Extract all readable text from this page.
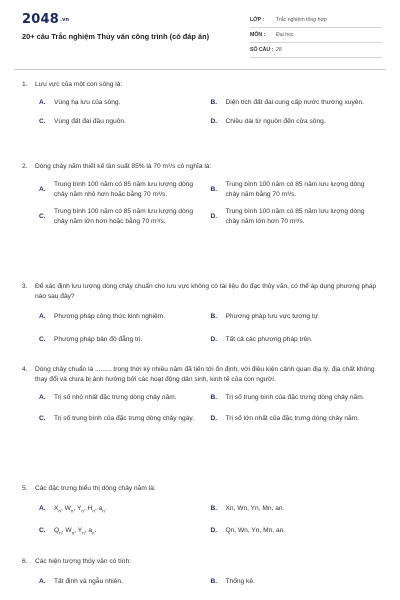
2048.vn
20+ câu Trắc nghiệm Thủy văn công trình (có đáp án)
LỚP :	Trắc nghiệm tổng hợp
MÔN :	Đại học
SỐ CÂU : 28
1.	Lưu vực của một con sông là:
A.	Vùng hạ lưu của sông.	B.	Diện tích đất đai cung cấp nước thường xuyên.
C.	Vùng đất đai đầu nguồn.	D.	Chiều dài từ nguồn đến cửa sông.
2.	Dòng chảy năm thiết kế tần suất 85% là 70 m³/s có nghĩa là:
A.
Trung bình 100 năm có 85 năm lưu lượng dòng chảy năm nhỏ hơn hoặc bằng 70 m³/s.
B.
Trung bình 100 năm có 85 năm lưu lượng dòng chảy năm bằng 70 m³/s.
C.
Trung bình 100 năm có 85 năm lưu lượng dòng chảy năm lớn hơn hoặc bằng 70 m³/s.
D.
Trung bình 100 năm có 85 năm lưu lượng dòng chảy năm lớn hơn 70 m³/s.
3.	Để xác định lưu lượng dòng chảy chuẩn cho lưu vực không có tài liệu đo đạc thủy văn, có thể áp dụng phương pháp nào sau đây?
A.	Phương pháp công thức kinh nghiệm.	B.	Phương pháp lưu vực tương tự.
C.	Phương pháp bản đồ đẳng trị.	D.	Tất cả các phương pháp trên.
4.	Dòng chảy chuẩn là ......... trong thời kỳ nhiều năm đã tiến tới ổn định, với điều kiện cảnh quan địa lý, địa chất không thay đổi và chưa bị ảnh hưởng bởi các hoạt động dân sinh, kinh tế của con người.
A.	Trị số nhỏ nhất đặc trưng dòng chảy năm.	B.	Trị số trung bình của đặc trưng dòng chảy năm.
C.	Trị số trung bình của đặc trưng dòng chảy ngày.	D.	Trị số lớn nhất của đặc trưng dòng chảy năm.
5.	Các đặc trưng biểu thị dòng chảy năm là:
A.	$X_n$, $W_n$, $Y_n$, $H_n$, $a_n$.	B.	Xn, Wn, Yn, Mn, an.
C.	$Q_n$, $W_n$, $Y_n$, $a_n$.	D.	Qn, Wn, Yn, Mn, an.
6.	Các hiện tượng thủy văn có tính:
A.	Tất định và ngẫu nhiên.	B.	Thống kê.
